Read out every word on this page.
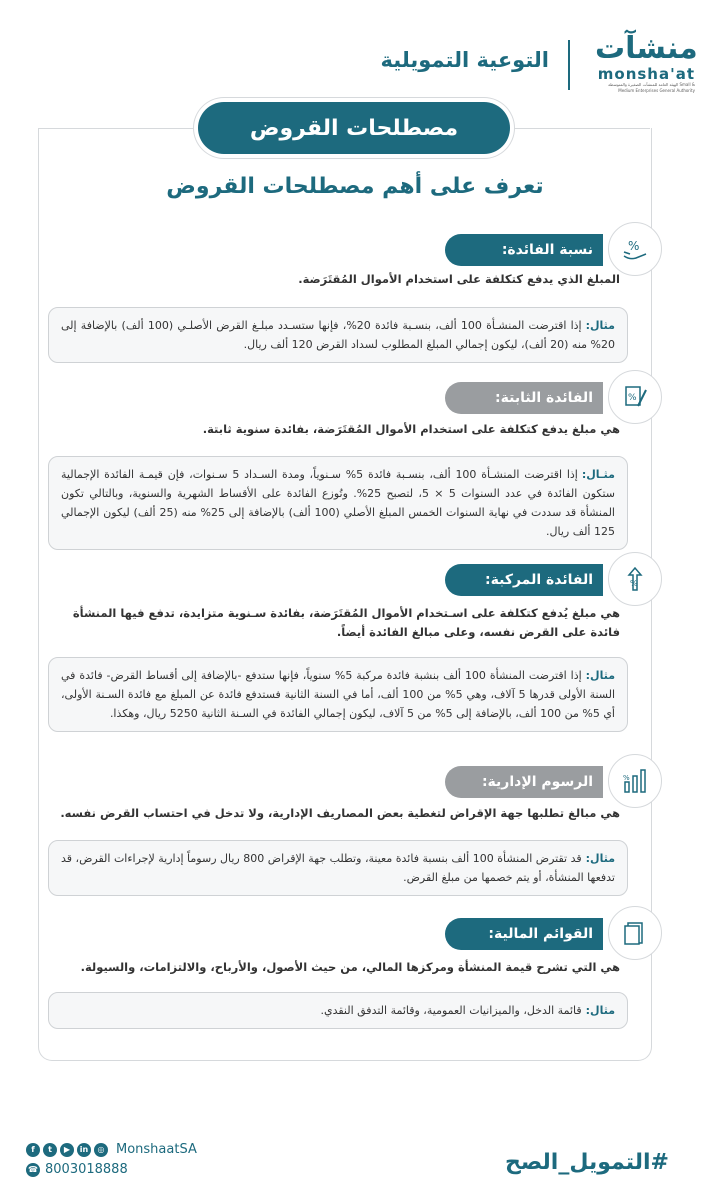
منشآت
monsha'at
الهيئة العامة للمنشآت الصغيرة والمتوسطة Small & Medium Enterprises General Authority
التوعية التمويلية
مصطلحات القروض
تعرف على أهم مصطلحات القروض
نسبة الفائدة:	%
المبلغ الذي يدفع كتكلفة على استخدام الأموال المُقتَرَضة.
مثال:إذا اقترضت المنشـأة 100 ألف، بنسـبة فائدة 20%، فإنها ستسـدد مبلـغ القرض الأصلـي (100 ألف) بالإضافة إلى 20% منه (20 ألف)، ليكون إجمالي المبلغ المطلوب لسداد القرض 120 ألف ريال.
الفائدة الثابتة:	%
هي مبلغ يدفع كتكلفة على استخدام الأموال المُقتَرَضة، بفائدة سنوية ثابتة.
مثـال:إذا اقترضت المنشـأة 100 ألف، بنسـبة فائدة 5% سـنوياً، ومدة السـداد 5 سـنوات، فإن قيمـة الفائدة الإجمالية ستكون الفائدة في عدد السنوات 5 × 5، لتصبح 25%. وتُوزع الفائدة على الأقساط الشهرية والسنوية، وبالتالي تكون المنشأة قد سددت في نهاية السنوات الخمس المبلغ الأصلي (100 ألف) بالإضافة إلى 25% منه (25 ألف) ليكون الإجمالي 125 ألف ريال.
الفائدة المركبة:	%
هي مبلغ يُدفع كتكلفة على اسـتخدام الأموال المُقتَرَضة، بفائدة سـنوية متزايدة، تدفع فيها المنشأة فائدة على القرض نفسه، وعلى مبالغ الفائدة أيضاً.
مثال:إذا اقترضت المنشأة 100 ألف بنشبة فائدة مركبة 5% سنوياً، فإنها ستدفع -بالإضافة إلى أقساط القرض- فائدة في السنة الأولى قدرها 5 آلاف، وهي 5% من 100 ألف، أما في السنة الثانية فستدفع فائدة عن المبلغ مع فائدة السـنة الأولى، أي 5% من 100 ألف، بالإضافة إلى 5% من 5 آلاف، ليكون إجمالي الفائدة في السـنة الثانية 5250 ريال، وهكذا.
الرسوم الإدارية:	%
هي مبالغ تطلبها جهة الإقراض لتغطية بعض المصاريف الإدارية، ولا تدخل في احتساب القرض نفسه.
مثال:قد تقترض المنشأة 100 ألف بنسبة فائدة معينة، وتطلب جهة الإقراض 800 ريال رسوماً إدارية لإجراءات القرض، قد تدفعها المنشأة، أو يتم خصمها من مبلغ القرض.
القوائم المالية:
هي التي تشرح قيمة المنشأة ومركزها المالي، من حيث الأصول، والأرباح، والالتزامات، والسيولة.
مثال:قائمة الدخل، والميزانيات العمومية، وقائمة التدفق النقدي.
f	t	▶	in	◎ MonshaatSA
☎ 8003018888	#التمويل_الصح
